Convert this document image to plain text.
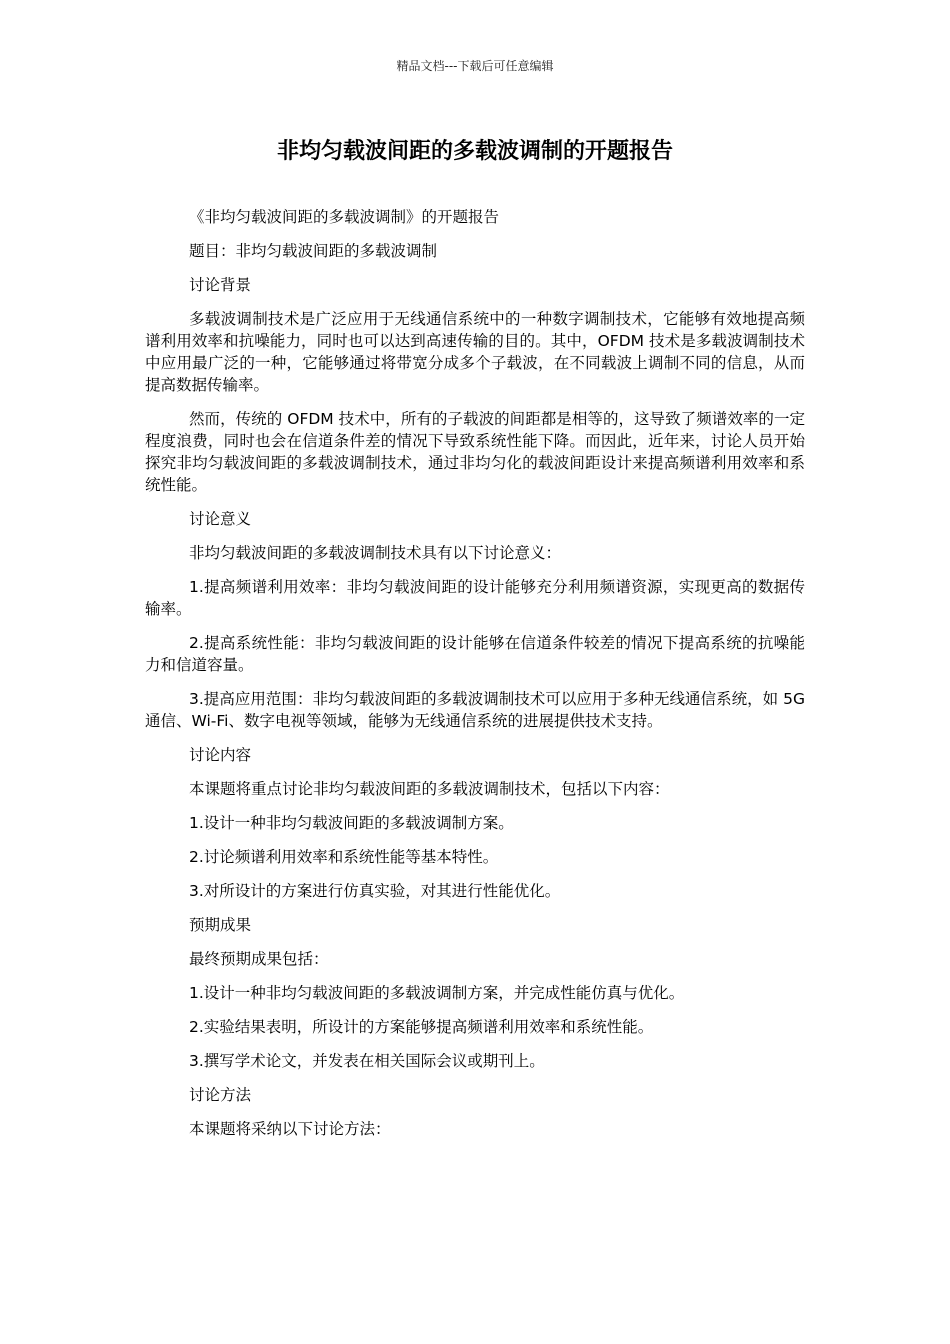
精品文档---下载后可任意编辑
非均匀载波间距的多载波调制的开题报告

《非均匀载波间距的多载波调制》的开题报告

题目：非均匀载波间距的多载波调制

讨论背景

多载波调制技术是广泛应用于无线通信系统中的一种数字调制技术，它能够有效地提高频谱利用效率和抗噪能力，同时也可以达到高速传输的目的。其中，OFDM 技术是多载波调制技术中应用最广泛的一种，它能够通过将带宽分成多个子载波，在不同载波上调制不同的信息，从而提高数据传输率。

然而，传统的 OFDM 技术中，所有的子载波的间距都是相等的，这导致了频谱效率的一定程度浪费，同时也会在信道条件差的情况下导致系统性能下降。而因此，近年来，讨论人员开始探究非均匀载波间距的多载波调制技术，通过非均匀化的载波间距设计来提高频谱利用效率和系统性能。

讨论意义

非均匀载波间距的多载波调制技术具有以下讨论意义：

1.提高频谱利用效率：非均匀载波间距的设计能够充分利用频谱资源，实现更高的数据传输率。

2.提高系统性能：非均匀载波间距的设计能够在信道条件较差的情况下提高系统的抗噪能力和信道容量。

3.提高应用范围：非均匀载波间距的多载波调制技术可以应用于多种无线通信系统，如 5G 通信、Wi-Fi、数字电视等领域，能够为无线通信系统的进展提供技术支持。

讨论内容

本课题将重点讨论非均匀载波间距的多载波调制技术，包括以下内容：

1.设计一种非均匀载波间距的多载波调制方案。

2.讨论频谱利用效率和系统性能等基本特性。

3.对所设计的方案进行仿真实验，对其进行性能优化。

预期成果

最终预期成果包括：

1.设计一种非均匀载波间距的多载波调制方案，并完成性能仿真与优化。

2.实验结果表明，所设计的方案能够提高频谱利用效率和系统性能。

3.撰写学术论文，并发表在相关国际会议或期刊上。

讨论方法

本课题将采纳以下讨论方法：
